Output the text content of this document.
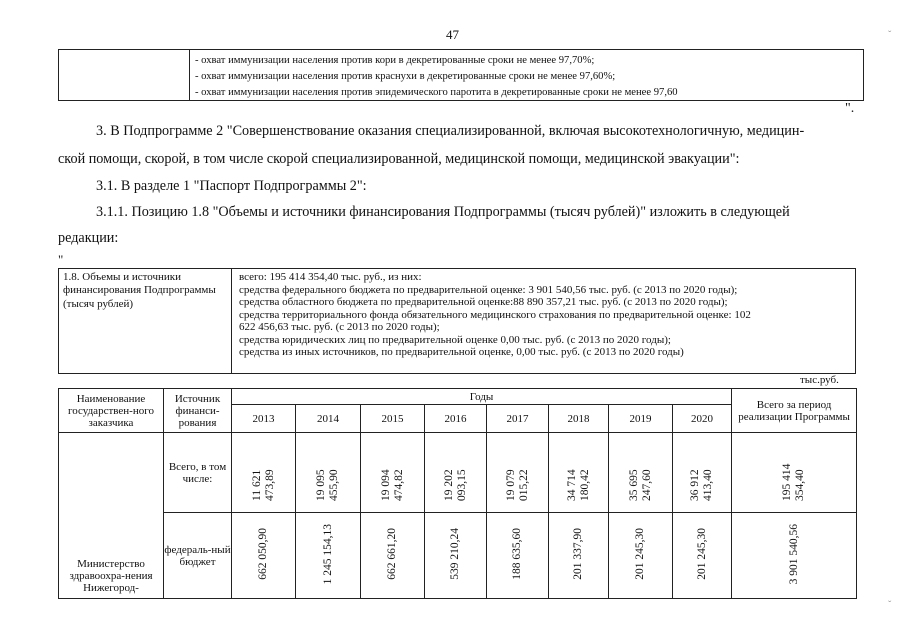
47	ˇ
ˇ
- охват иммунизации населения против кори в декретированные сроки не менее 97,70%;
- охват иммунизации населения против краснухи в декретированные сроки не менее 97,60%;
- охват иммунизации населения против эпидемического паротита в декретированные сроки не менее 97,60
".
3. В Подпрограмме 2 "Совершенствование оказания специализированной, включая высокотехнологичную, медицин-
ской помощи, скорой, в том числе скорой специализированной, медицинской помощи, медицинской эвакуации":
3.1. В разделе 1 "Паспорт Подпрограммы 2":
3.1.1. Позицию 1.8 "Объемы и источники финансирования Подпрограммы (тысяч рублей)" изложить в следующей
редакции:
"
1.8. Объемы и источники финансирования Подпрограммы (тысяч рублей)
всего: 195 414 354,40 тыс. руб., из них:
средства федерального бюджета по предварительной оценке: 3 901 540,56 тыс. руб. (с 2013 по 2020 годы);
средства областного бюджета по предварительной оценке:88 890 357,21 тыс. руб. (с 2013 по 2020 годы);
средства территориального фонда обязательного медицинского страхования по предварительной оценке: 102
622 456,63 тыс. руб. (с 2013 по 2020 годы);
средства юридических лиц по предварительной оценке 0,00 тыс. руб. (с 2013 по 2020 годы);
средства из иных источников, по предварительной оценке, 0,00 тыс. руб. (с 2013 по 2020 годы)
тыс.руб.
Наименование государствен-ного заказчика	Источник финанси-рования	Годы								Всего за период реализации Программы
		2013	2014	2015	2016	2017	2018	2019	2020	
Министерство здравоохра-нения Нижегород-	Всего, в том числе:	11 621 473,89	19 095 455,90	19 094 474,82	19 202 093,15	19 079 015,22	34 714 180,42	35 695 247,60	36 912 413,40	195 414 354,40
	федераль-ный бюджет	662 050,90	1 245 154,13	662 661,20	539 210,24	188 635,60	201 337,90	201 245,30	201 245,30	3 901 540,56
